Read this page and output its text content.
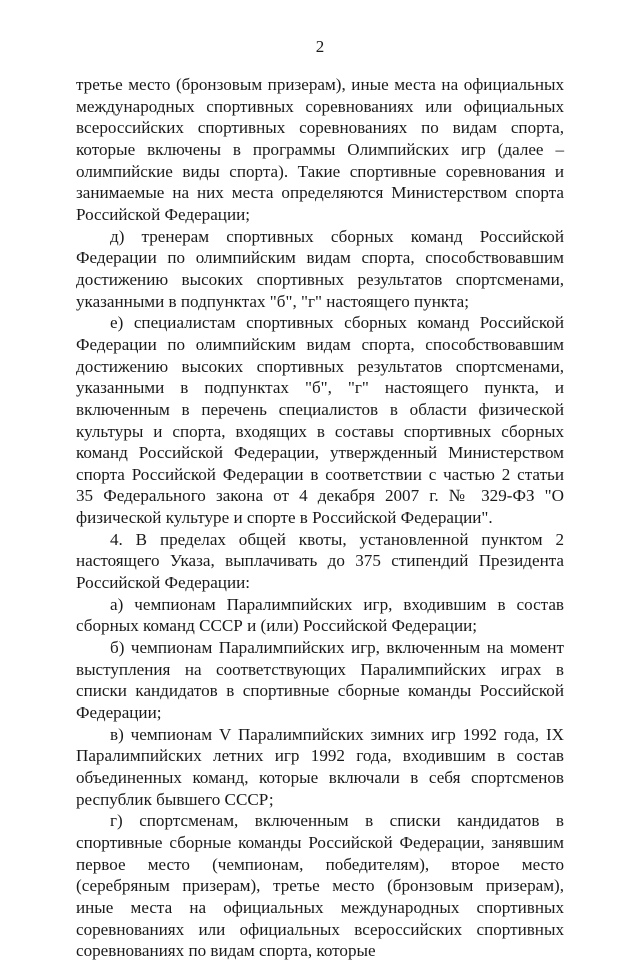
2

третье место (бронзовым призерам), иные места на официальных международных спортивных соревнованиях или официальных всероссийских спортивных соревнованиях по видам спорта, которые включены в программы Олимпийских игр (далее – олимпийские виды спорта). Такие спортивные соревнования и занимаемые на них места определяются Министерством спорта Российской Федерации;

д) тренерам спортивных сборных команд Российской Федерации по олимпийским видам спорта, способствовавшим достижению высоких спортивных результатов спортсменами, указанными в подпунктах "б", "г" настоящего пункта;

е) специалистам спортивных сборных команд Российской Федерации по олимпийским видам спорта, способствовавшим достижению высоких спортивных результатов спортсменами, указанными в подпунктах "б", "г" настоящего пункта, и включенным в перечень специалистов в области физической культуры и спорта, входящих в составы спортивных сборных команд Российской Федерации, утвержденный Министерством спорта Российской Федерации в соответствии с частью 2 статьи 35 Федерального закона от 4 декабря 2007 г. № 329-ФЗ "О физической культуре и спорте в Российской Федерации".

4. В пределах общей квоты, установленной пунктом 2 настоящего Указа, выплачивать до 375 стипендий Президента Российской Федерации:

а) чемпионам Паралимпийских игр, входившим в состав сборных команд СССР и (или) Российской Федерации;

б) чемпионам Паралимпийских игр, включенным на момент выступления на соответствующих Паралимпийских играх в списки кандидатов в спортивные сборные команды Российской Федерации;

в) чемпионам V Паралимпийских зимних игр 1992 года, IX Паралимпийских летних игр 1992 года, входившим в состав объединенных команд, которые включали в себя спортсменов республик бывшего СССР;

г) спортсменам, включенным в списки кандидатов в спортивные сборные команды Российской Федерации, занявшим первое место (чемпионам, победителям), второе место (серебряным призерам), третье место (бронзовым призерам), иные места на официальных международных спортивных соревнованиях или официальных всероссийских спортивных соревнованиях по видам спорта, которые
